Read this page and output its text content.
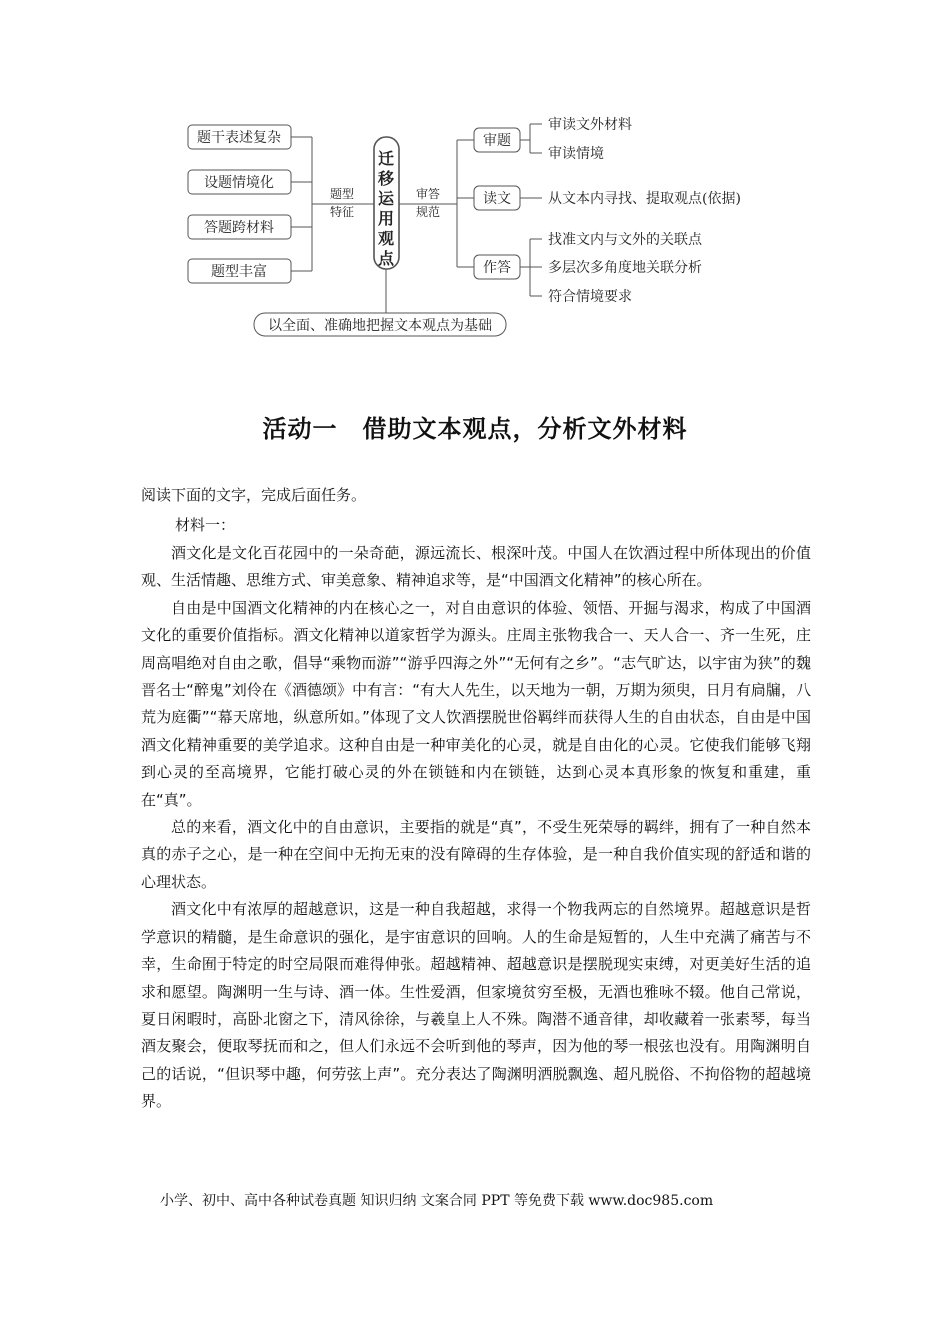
题干表述复杂
设题情境化
答题跨材料
题型丰富
题型
特征
审答
规范
迁移运用观点
审题
读文
作答
审读文外材料
审读情境
从文本内寻找、提取观点(依据)
找准文内与文外的关联点
多层次多角度地关联分析
符合情境要求
以全面、准确地把握文本观点为基础
活动一　借助文本观点，分析文外材料
阅读下面的文字，完成后面任务。
材料一：

酒文化是文化百花园中的一朵奇葩，源远流长、根深叶茂。中国人在饮酒过程中所体现出的价值观、生活情趣、思维方式、审美意象、精神追求等，是“中国酒文化精神”的核心所在。

自由是中国酒文化精神的内在核心之一，对自由意识的体验、领悟、开掘与渴求，构成了中国酒文化的重要价值指标。酒文化精神以道家哲学为源头。庄周主张物我合一、天人合一、齐一生死，庄周高唱绝对自由之歌，倡导“乘物而游”“游乎四海之外”“无何有之乡”。“志气旷达，以宇宙为狭”的魏晋名士“醉鬼”刘伶在《酒德颂》中有言：“有大人先生，以天地为一朝，万期为须臾，日月有扃牖，八荒为庭衢”“幕天席地，纵意所如。”体现了文人饮酒摆脱世俗羁绊而获得人生的自由状态，自由是中国酒文化精神重要的美学追求。这种自由是一种审美化的心灵，就是自由化的心灵。它使我们能够飞翔到心灵的至高境界，它能打破心灵的外在锁链和内在锁链，达到心灵本真形象的恢复和重建，重在“真”。

总的来看，酒文化中的自由意识，主要指的就是“真”，不受生死荣辱的羁绊，拥有了一种自然本真的赤子之心，是一种在空间中无拘无束的没有障碍的生存体验，是一种自我价值实现的舒适和谐的心理状态。

酒文化中有浓厚的超越意识，这是一种自我超越，求得一个物我两忘的自然境界。超越意识是哲学意识的精髓，是生命意识的强化，是宇宙意识的回响。人的生命是短暂的，人生中充满了痛苦与不幸，生命囿于特定的时空局限而难得伸张。超越精神、超越意识是摆脱现实束缚，对更美好生活的追求和愿望。陶渊明一生与诗、酒一体。生性爱酒，但家境贫穷至极，无酒也雅咏不辍。他自己常说，夏日闲暇时，高卧北窗之下，清风徐徐，与羲皇上人不殊。陶潜不通音律，却收藏着一张素琴，每当酒友聚会，便取琴抚而和之，但人们永远不会听到他的琴声，因为他的琴一根弦也没有。用陶渊明自己的话说，“但识琴中趣，何劳弦上声”。充分表达了陶渊明洒脱飘逸、超凡脱俗、不拘俗物的超越境界。

小学、初中、高中各种试卷真题 知识归纳 文案合同 PPT 等免费下载 www.doc985.com
